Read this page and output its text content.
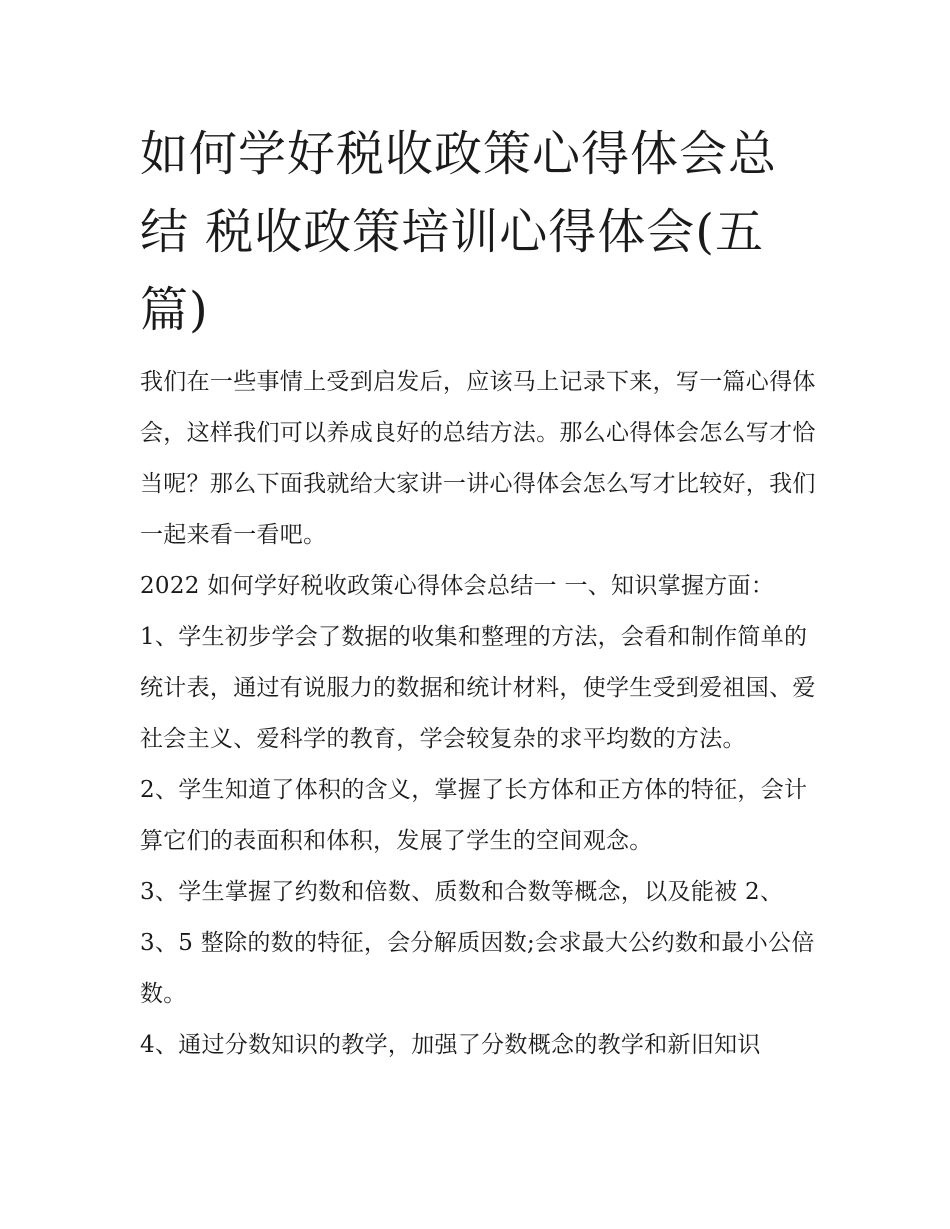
如何学好税收政策心得体会总结 税收政策培训心得体会(五篇)

我们在一些事情上受到启发后，应该马上记录下来，写一篇心得体会，这样我们可以养成良好的总结方法。那么心得体会怎么写才恰当呢？那么下面我就给大家讲一讲心得体会怎么写才比较好，我们一起来看一看吧。

2022 如何学好税收政策心得体会总结一 一、知识掌握方面：

1、学生初步学会了数据的收集和整理的方法，会看和制作简单的统计表，通过有说服力的数据和统计材料，使学生受到爱祖国、爱社会主义、爱科学的教育，学会较复杂的求平均数的方法。

2、学生知道了体积的含义，掌握了长方体和正方体的特征，会计算它们的表面积和体积，发展了学生的空间观念。

3、学生掌握了约数和倍数、质数和合数等概念，以及能被 2、3、5 整除的数的特征，会分解质因数;会求最大公约数和最小公倍数。

4、通过分数知识的教学，加强了分数概念的教学和新旧知识
